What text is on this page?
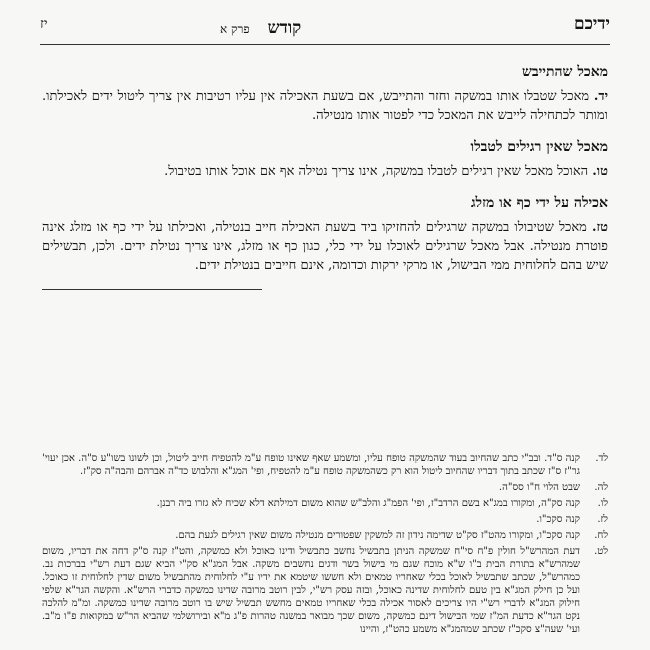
ידיכם
קודשפרק א
יז
מאכל שהתייבש

יד. מאכל שטבלו אותו במשקה וחזר והתייבש, אם בשעת האכילה אין עליו רטיבות אין צריך ליטול ידים לאכילתו. ומותר לכתחילה לייבש את המאכל כדי לפטור אותו מנטילה.

מאכל שאין רגילים לטבלו

טו. האוכל מאכל שאין רגילים לטבלו במשקה, אינו צריך נטילה אף אם אוכל אותו בטיבול.

אכילה על ידי כף או מזלג

טז. מאכל שטיבולו במשקה שרגילים להחזיקו ביד בשעת האכילה חייב בנטילה, ואכילתו על ידי כף או מזלג אינה פוטרת מנטילה. אבל מאכל שרגילים לאוכלו על ידי כלי, כגון כף או מזלג, אינו צריך נטילת ידים. ולכן, תבשילים שיש בהם לחלוחית ממי הבישול, או מרקי ירקות וכדומה, אינם חייבים בנטילת ידים.

לד.
קנה ס"ד. ובב"י כתב שהחיוב בעוד שהמשקה טופח עליו, ומשמע שאף שאינו טופח ע"מ להטפיח חייב ליטול, וכן לשונו בשו"ע ס"ה. אכן יעוי' גר"ז ס"ז שכתב בתוך דבריו שהחיוב ליטול הוא רק כשהמשקה טופח ע"מ להטפיח, ופי' המג"א והלבוש כד"ה אברהם והבה"ה סק"ז.
לה.
שבט הלוי ח"ו סס"ה.
לו.
קנה סק"ה, ומקורו במג"א בשם הרדב"ז, ופי' הפמ"ג והלב"ש שהוא משום דמילתא דלא שכיח לא גזרו ביה רבנן.
לז.
קנה סקכ"ו.
לח.
קנה סקכ"ו, ומקורו מהט"ז סק"ט שדימה נידון זה למשקין שפטורים מנטילה משום שאין רגילים לגעת בהם.
לט.
דעת המהרש"ל חולין פ"ח סי"ח שמשקה הניתן בתבשיל נחשב כתבשיל ודינו כאוכל ולא כמשקה, והט"ז קנה ס"ק דחה את דבריו, משום שמהרש"א בתורת הבית ב"ו ש"א מוכח שגם מי בישול בשר ודגים נחשבים משקה. אבל המג"א סק"י הביא שגם דעת רש"י בברכות נב. כמהרש"ל, שכתב שתבשיל לאוכל בכלי שאחריו טמאים ולא חששו שיטמא את ידיו ע"י לחלוחית מהתבשיל משום שדין לחלוחית זו כאוכל. ועל כן חילק המג"א בין טעם לחלוחית שדינה כאוכל, ובזה עסק רש"י, לבין רוטב מרובה שדינו כמשקה כדברי הרש"א. והקשה הגר"א שלפי חילוק המג"א לדברי רש"י היו צריכים לאסור אכילה בכלי שאחריו טמאים מחשש תבשיל שיש בו רוטב מרובה שדינו כמשקה. ומ"מ להלכה נקט הגר"א כדעת המ"ז שמי הבישול דינם כמשקה, משום שכך מבואר במשנה טהרות פ"ג מ"א ובירושלמי שהביא הר"ש במקואות פ"ו מ"ב. ועי' שעה"צ סקכ"ז שכתב שמהמג"א משמע כהט"ז, והיינו
